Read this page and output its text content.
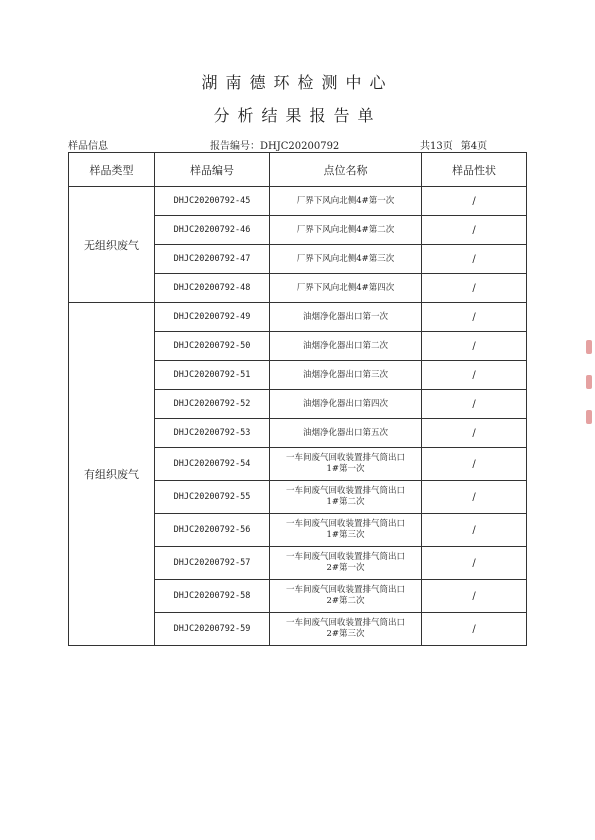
湖南德环检测中心
分析结果报告单
样品信息	报告编号：DHJC20200792	共13页 第4页
样品类型	样品编号	点位名称	样品性状
无组织废气	DHJC20200792-45	厂界下风向北侧4#第一次	/
	DHJC20200792-46	厂界下风向北侧4#第二次	/
	DHJC20200792-47	厂界下风向北侧4#第三次	/
	DHJC20200792-48	厂界下风向北侧4#第四次	/
有组织废气	DHJC20200792-49	油烟净化器出口第一次	/
	DHJC20200792-50	油烟净化器出口第二次	/
	DHJC20200792-51	油烟净化器出口第三次	/
	DHJC20200792-52	油烟净化器出口第四次	/
	DHJC20200792-53	油烟净化器出口第五次	/
	DHJC20200792-54	一车间废气回收装置排气筒出口
1#第一次	/
	DHJC20200792-55	一车间废气回收装置排气筒出口
1#第二次	/
	DHJC20200792-56	一车间废气回收装置排气筒出口
1#第三次	/
	DHJC20200792-57	一车间废气回收装置排气筒出口
2#第一次	/
	DHJC20200792-58	一车间废气回收装置排气筒出口
2#第二次	/
	DHJC20200792-59	一车间废气回收装置排气筒出口
2#第三次	/
